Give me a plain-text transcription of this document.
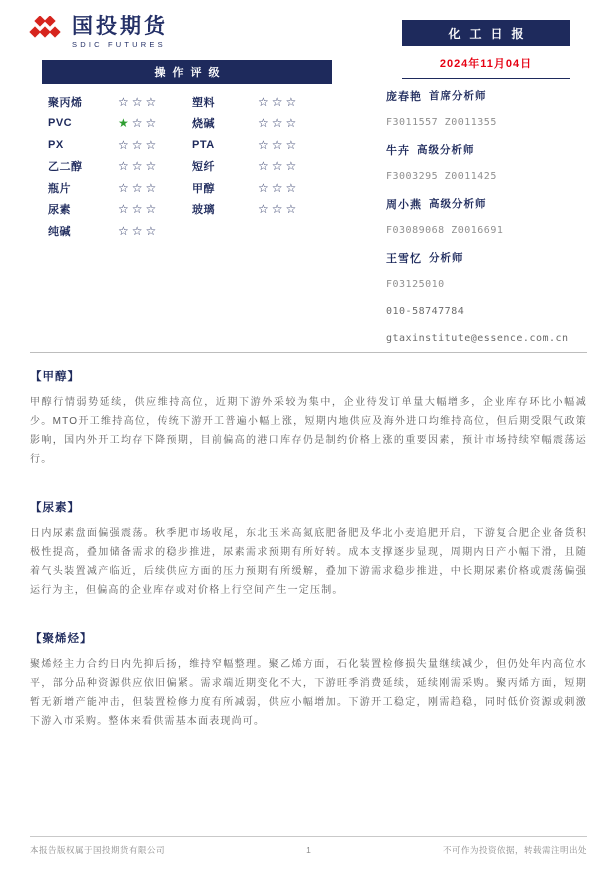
国投期货
SDIC FUTURES
化工日报
2024年11月04日
操作评级
聚丙烯	☆☆☆	塑料	☆☆☆
PVC	★☆☆	烧碱	☆☆☆
PX	☆☆☆	PTA	☆☆☆
乙二醇	☆☆☆	短纤	☆☆☆
瓶片	☆☆☆	甲醇	☆☆☆
尿素	☆☆☆	玻璃	☆☆☆
纯碱	☆☆☆
庞春艳 首席分析师
F3011557 Z0011355
牛卉 高级分析师
F3003295 Z0011425
周小燕 高级分析师
F03089068 Z0016691
王雪忆 分析师
F03125010
010-58747784
gtaxinstitute@essence.com.cn
【甲醇】
甲醇行情弱势延续，供应维持高位，近期下游外采较为集中，企业待发订单量大幅增多，企业库存环比小幅减少。MTO开工维持高位，传统下游开工普遍小幅上涨，短期内地供应及海外进口均维持高位，但后期受限气政策影响，国内外开工均存下降预期，目前偏高的港口库存仍是制约价格上涨的重要因素，预计市场持续窄幅震荡运行。
【尿素】
日内尿素盘面偏强震荡。秋季肥市场收尾，东北玉米高氮底肥备肥及华北小麦追肥开启，下游复合肥企业备货积极性提高，叠加储备需求的稳步推进，尿素需求预期有所好转。成本支撑逐步显现，周期内日产小幅下滑，且随着气头装置减产临近，后续供应方面的压力预期有所缓解，叠加下游需求稳步推进，中长期尿素价格或震荡偏强运行为主，但偏高的企业库存或对价格上行空间产生一定压制。
【聚烯烃】
聚烯烃主力合约日内先抑后扬，维持窄幅整理。聚乙烯方面，石化装置检修损失量继续减少，但仍处年内高位水平，部分品种资源供应依旧偏紧。需求端近期变化不大，下游旺季消费延续，延续刚需采购。聚丙烯方面，短期暂无新增产能冲击，但装置检修力度有所减弱，供应小幅增加。下游开工稳定，刚需趋稳，同时低价资源或刺激下游入市采购。整体来看供需基本面表现尚可。
本报告版权属于国投期货有限公司	1	不可作为投资依据，转载需注明出处
